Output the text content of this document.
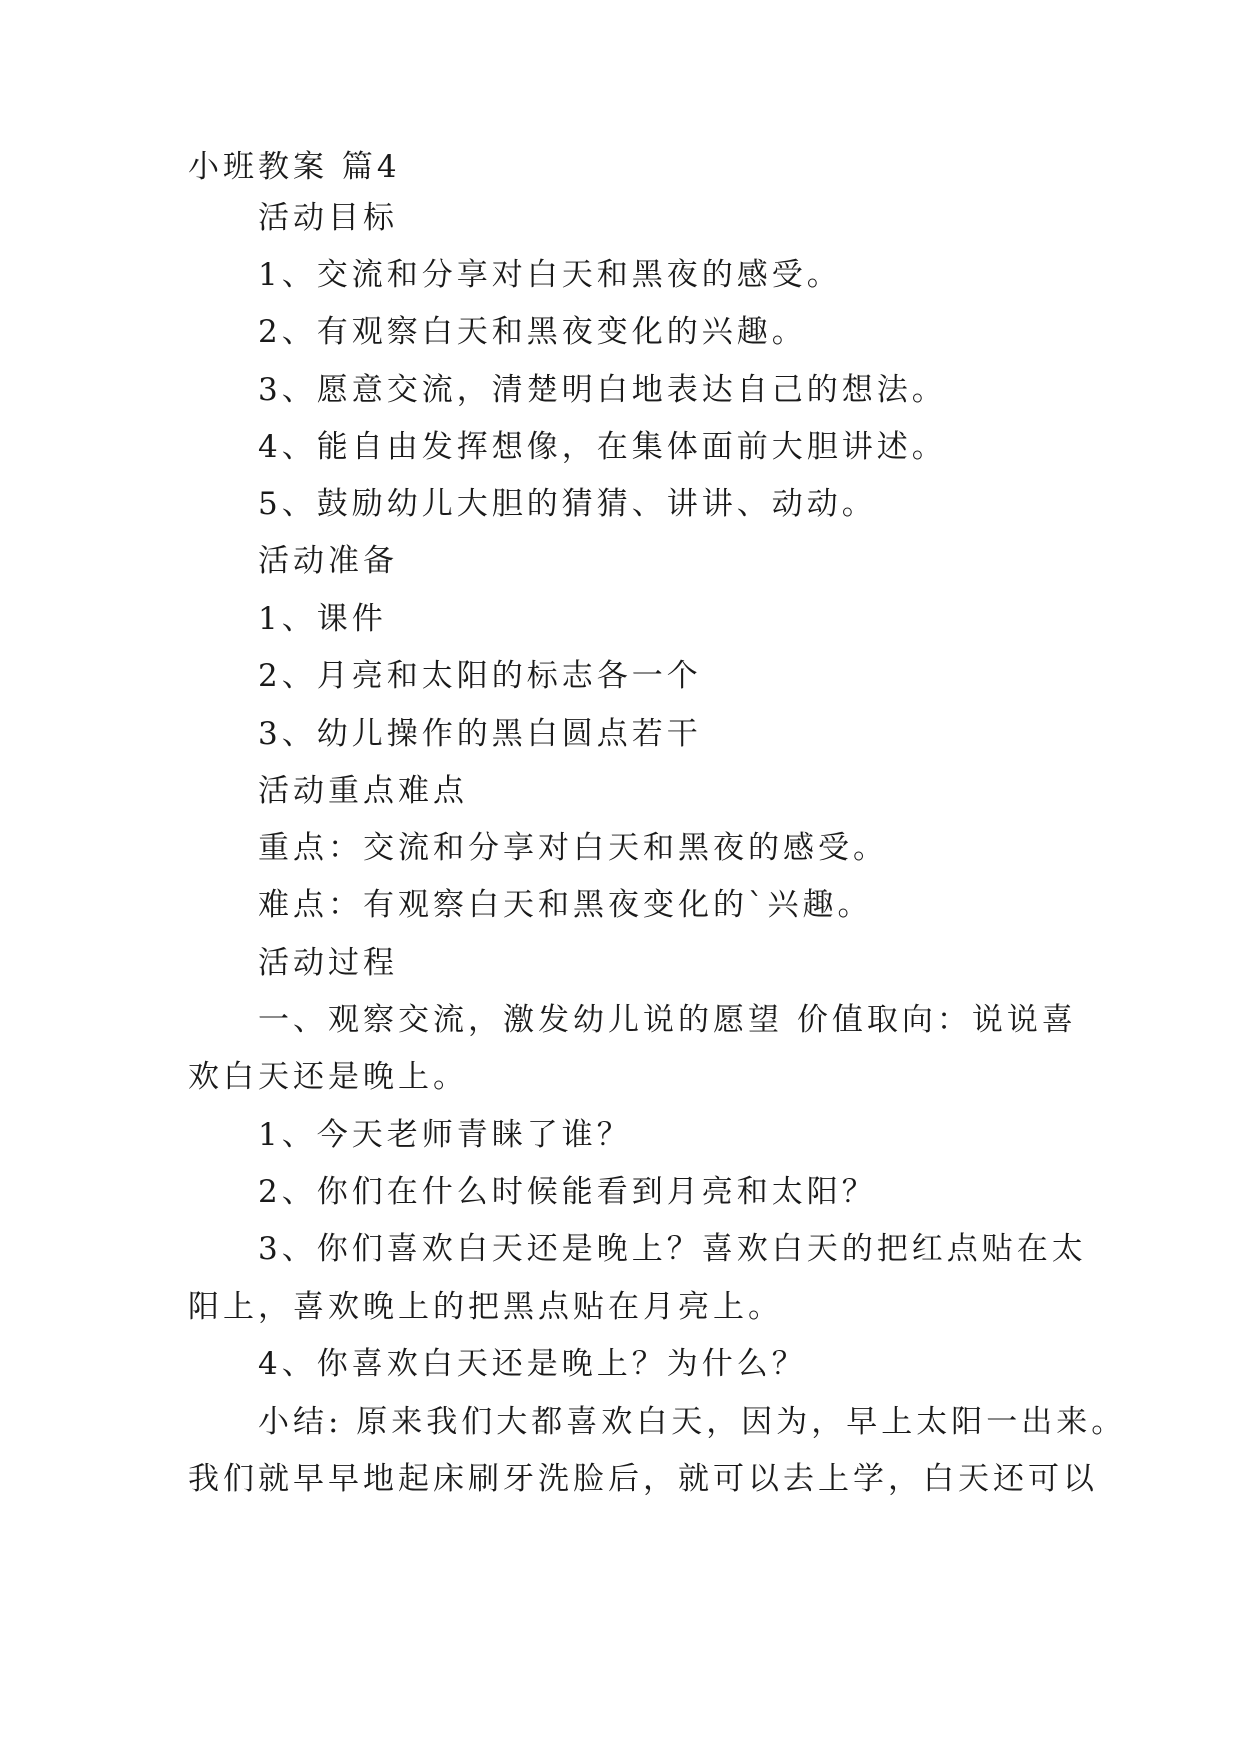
小班教案 篇4
活动目标
1、交流和分享对白天和黑夜的感受。
2、有观察白天和黑夜变化的兴趣。
3、愿意交流，清楚明白地表达自己的想法。
4、能自由发挥想像，在集体面前大胆讲述。
5、鼓励幼儿大胆的猜猜、讲讲、动动。
活动准备
1、课件
2、月亮和太阳的标志各一个
3、幼儿操作的黑白圆点若干
活动重点难点
重点：交流和分享对白天和黑夜的感受。
难点：有观察白天和黑夜变化的`兴趣。
活动过程
一、观察交流，激发幼儿说的愿望 价值取向：说说喜
欢白天还是晚上。
1、今天老师青睐了谁？
2、你们在什么时候能看到月亮和太阳？
3、你们喜欢白天还是晚上？喜欢白天的把红点贴在太
阳上，喜欢晚上的把黑点贴在月亮上。
4、你喜欢白天还是晚上？为什么？
小结: 原来我们大都喜欢白天，因为，早上太阳一出来。
我们就早早地起床刷牙洗脸后，就可以去上学，白天还可以
